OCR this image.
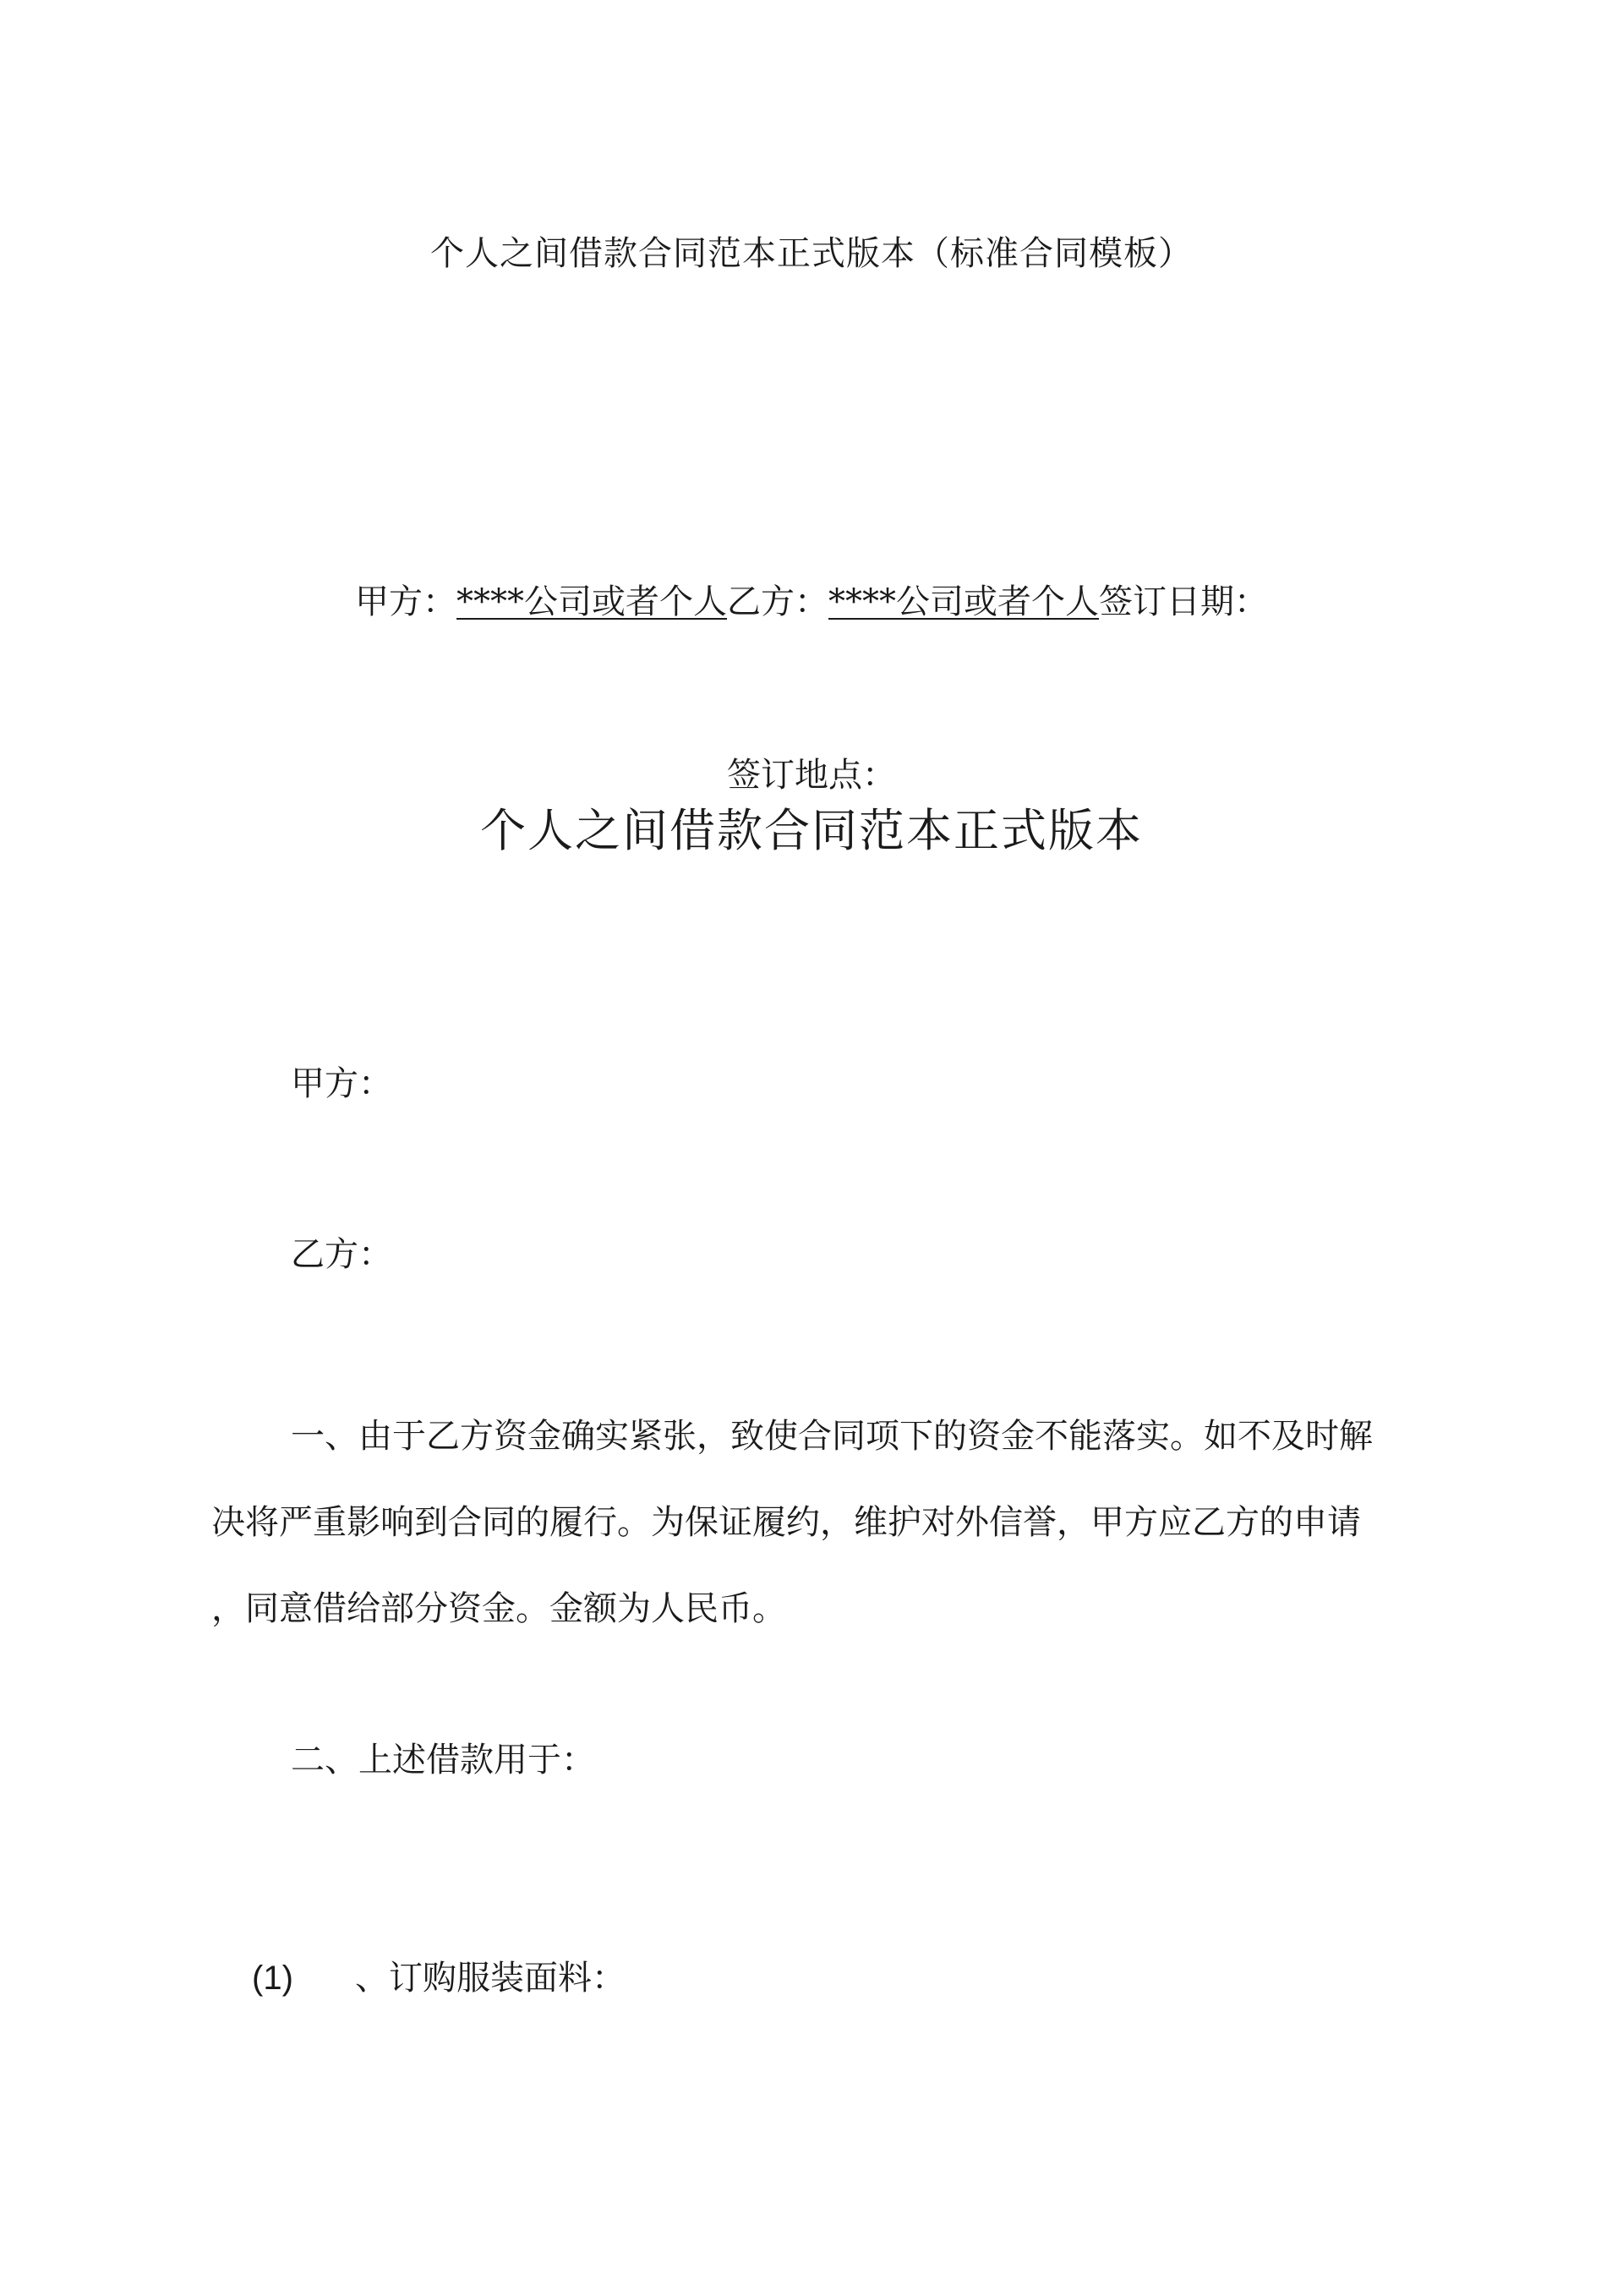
个人之间借款合同范本正式版本（标准合同模板）
甲方：****公司或者个人乙方：****公司或者个人签订日期：
签订地点：
个人之间借款合同范本正式版本
甲方：
乙方：

一、由于乙方资金确实紧张，致使合同项下的资金不能落实。如不及时解

决将严重影响到合同的履行。为保证履约，维护对外信誉，甲方应乙方的申请

，同意借给部分资金。金额为人民币。

二、上述借款用于：
(1) 、订购服装面料：
